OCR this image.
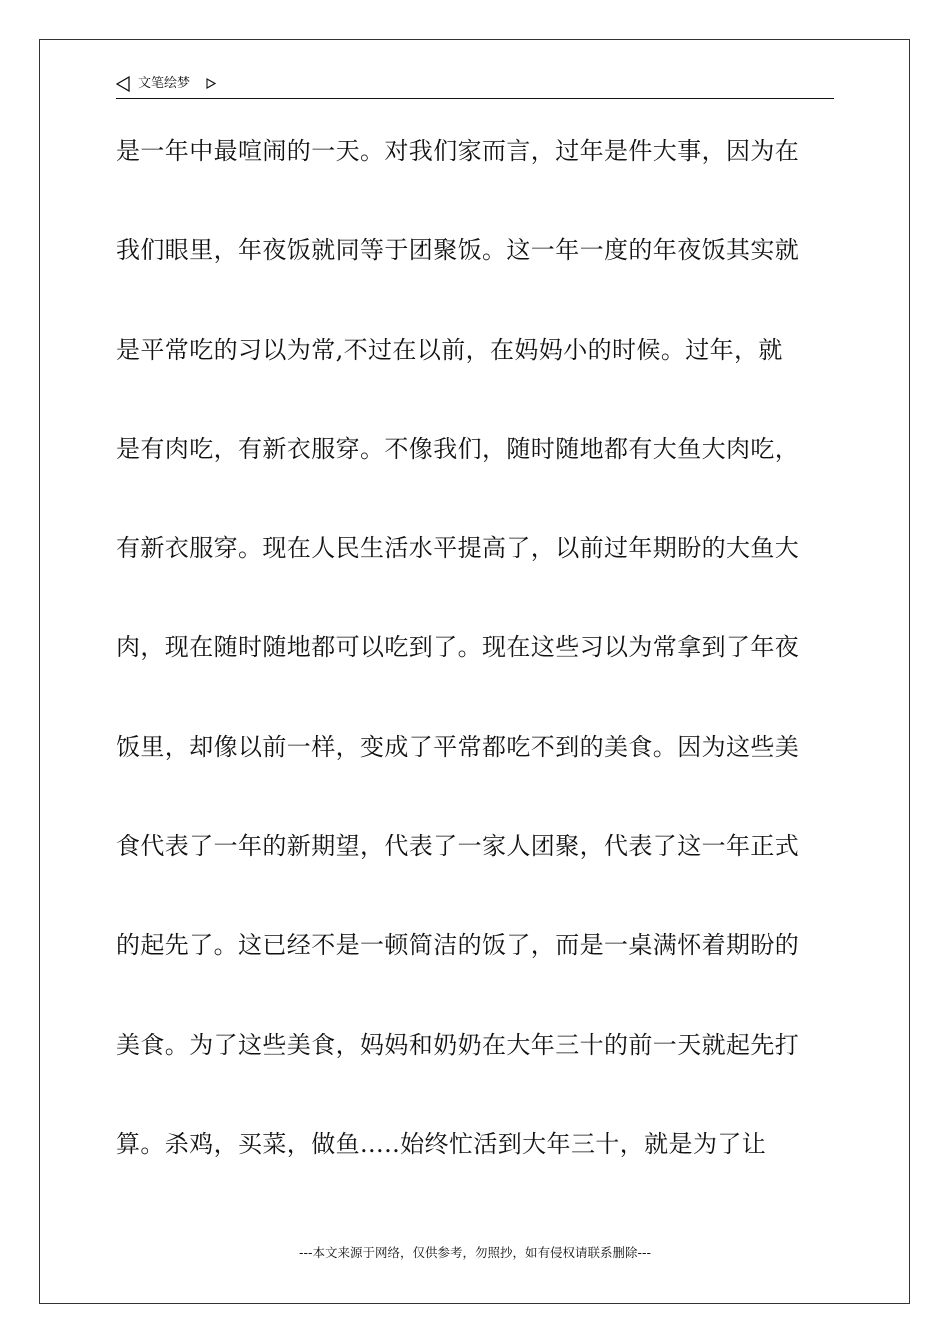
文笔绘梦
是一年中最喧闹的一天。对我们家而言，过年是件大事，因为在
我们眼里，年夜饭就同等于团聚饭。这一年一度的年夜饭其实就
是平常吃的习以为常,不过在以前，在妈妈小的时候。过年，就
是有肉吃，有新衣服穿。不像我们，随时随地都有大鱼大肉吃，
有新衣服穿。现在人民生活水平提高了，以前过年期盼的大鱼大
肉，现在随时随地都可以吃到了。现在这些习以为常拿到了年夜
饭里，却像以前一样，变成了平常都吃不到的美食。因为这些美
食代表了一年的新期望，代表了一家人团聚，代表了这一年正式
的起先了。这已经不是一顿简洁的饭了，而是一桌满怀着期盼的
美食。为了这些美食，妈妈和奶奶在大年三十的前一天就起先打
算。杀鸡，买菜，做鱼.....始终忙活到大年三十，就是为了让
---本文来源于网络，仅供参考，勿照抄，如有侵权请联系删除---
